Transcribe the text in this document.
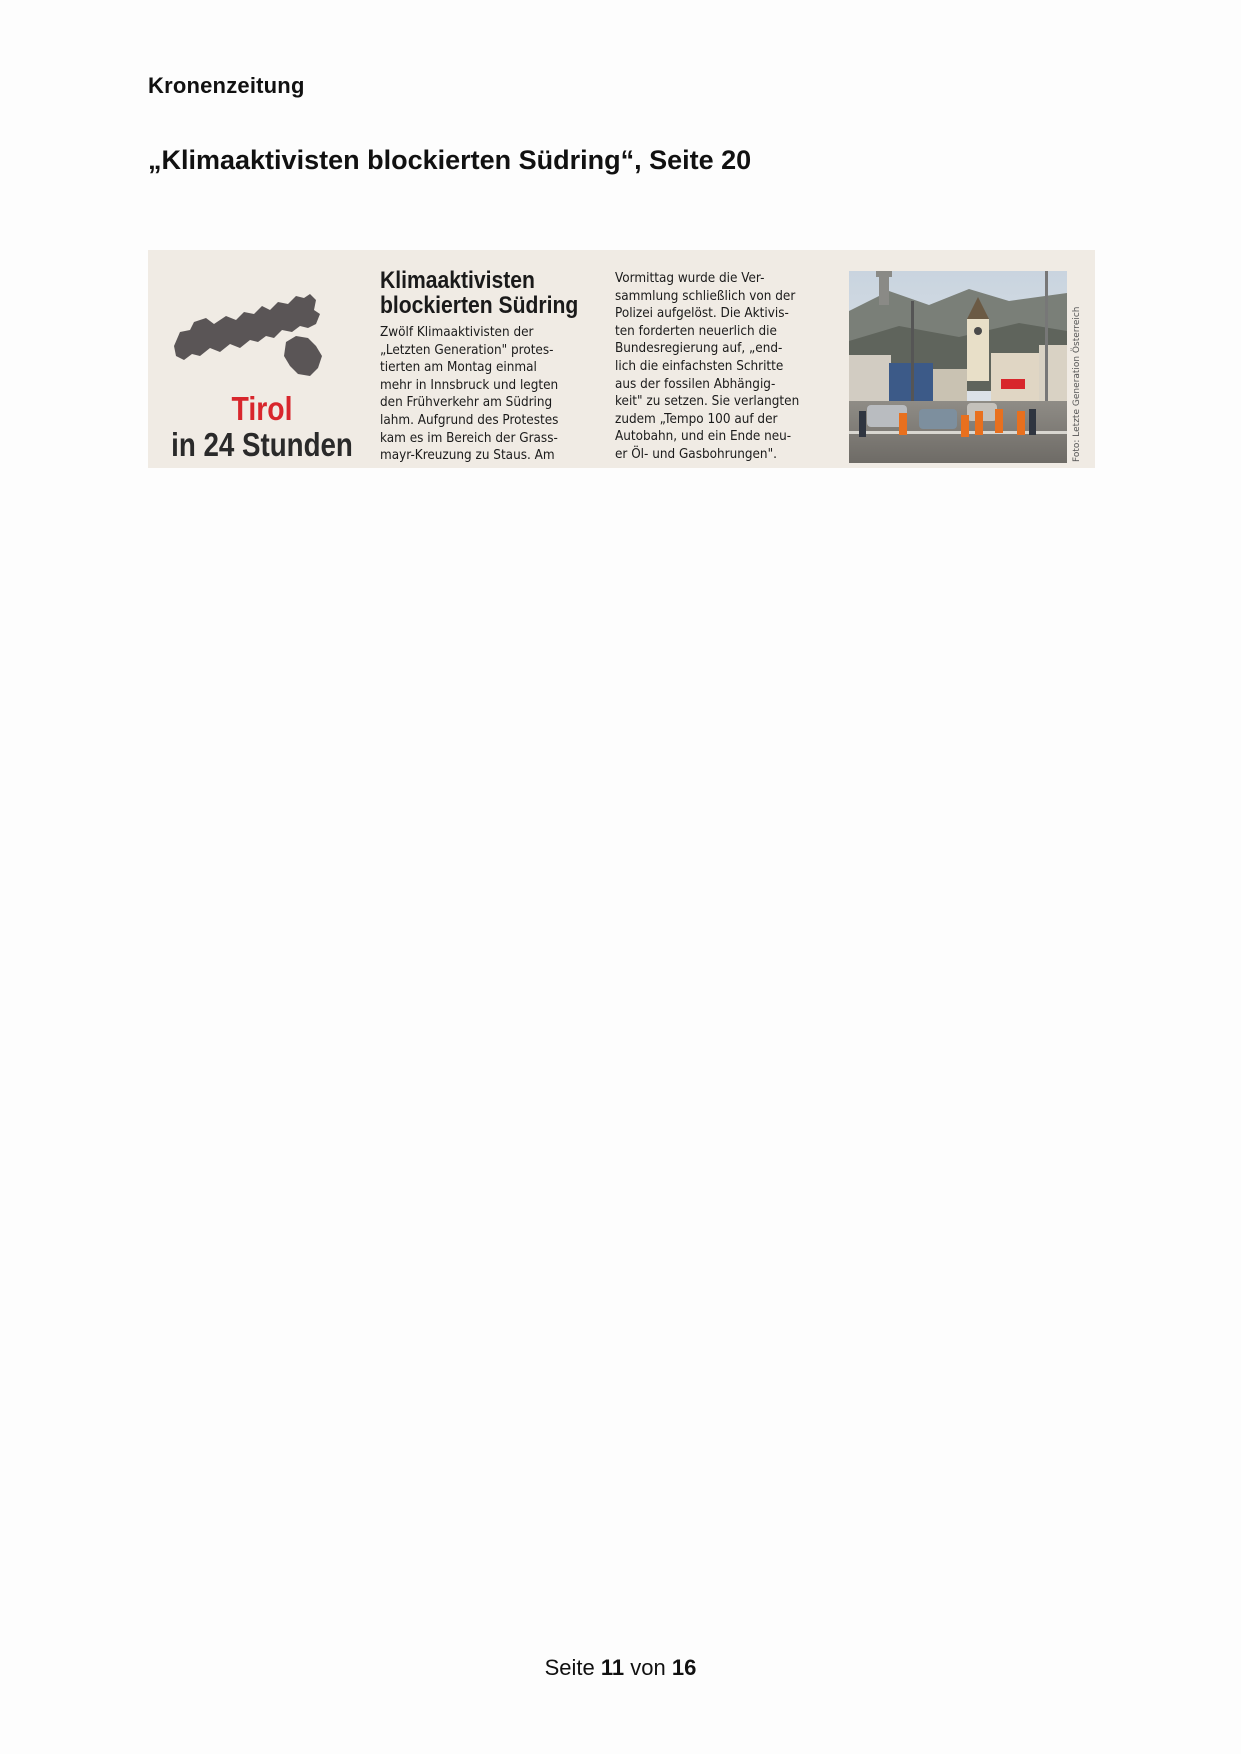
Kronenzeitung
„Klimaaktivisten blockierten Südring“, Seite 20
Tirol
in 24 Stunden
Klimaaktivisten
blockierten Südring
Zwölf Klimaaktivisten der
„Letzten Generation" protes-
tierten am Montag einmal
mehr in Innsbruck und legten
den Frühverkehr am Südring
lahm. Aufgrund des Protestes
kam es im Bereich der Grass-
mayr-Kreuzung zu Staus. Am
Vormittag wurde die Ver-
sammlung schließlich von der
Polizei aufgelöst. Die Aktivis-
ten forderten neuerlich die
Bundesregierung auf, „end-
lich die einfachsten Schritte
aus der fossilen Abhängig-
keit" zu setzen. Sie verlangten
zudem „Tempo 100 auf der
Autobahn, und ein Ende neu-
er Öl- und Gasbohrungen".	Foto: Letzte Generation Österreich
Seite 11 von 16
